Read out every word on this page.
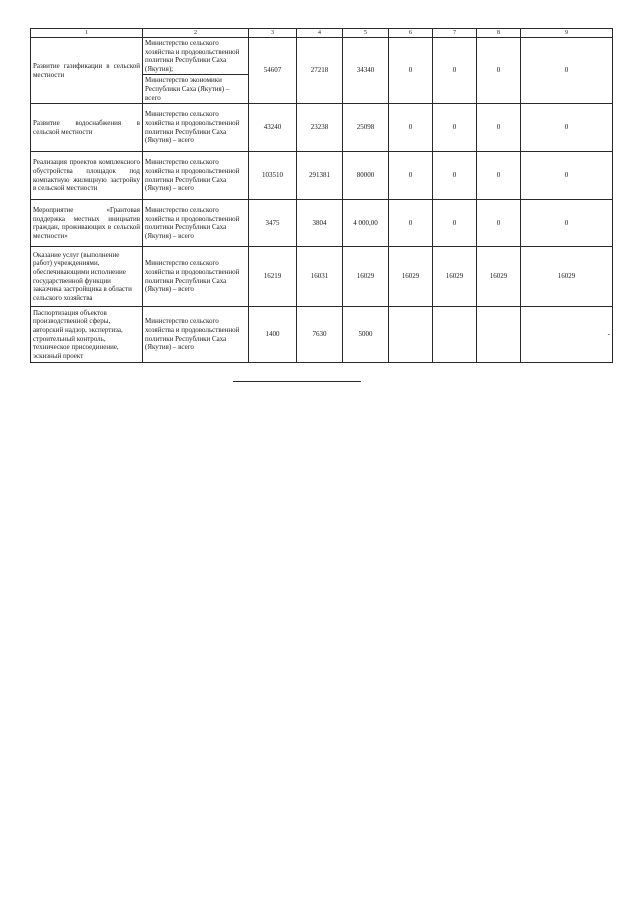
1	2	3	4	5	6	7	8	9
Развитие газификации в сельской местности	Министерство сельского хозяйства и продовольственной политики Республики Саха (Якутия);	54607	27218	34340	0	0	0	0
	Министерство экономики Республики Саха (Якутия) – всего							
Развитие водоснабжения в сельской местности	Министерство сельского хозяйства и продовольственной политики Республики Саха (Якутия) – всего	43240	23238	25098	0	0	0	0
Реализация проектов комплексного обустройства площадок под компактную жилищную застройку в сельской местности	Министерство сельского хозяйства и продовольственной политики Республики Саха (Якутия) – всего	103510	291381	80000	0	0	0	0
Мероприятие «Грантовая поддержка местных инициатив граждан, проживающих в сельской местности»	Министерство сельского хозяйства и продовольственной политики Республики Саха (Якутия) – всего	3475	3804	4 000,00	0	0	0	0
Оказание услуг (выполнение работ) учреждениями, обеспечивающими исполнение государственной функции заказчика застройщика в области сельского хозяйства	Министерство сельского хозяйства и продовольственной политики Республики Саха (Якутия) – всего	16219	16031	16029	16029	16029	16029	16029
Паспортизация объектов производственной сферы, авторский надзор, экспертиза, строительный контроль, техническое присоединение, эскизный проект	Министерство сельского хозяйства и продовольственной политики Республики Саха (Якутия) – всего	1400	7630	5000				-
